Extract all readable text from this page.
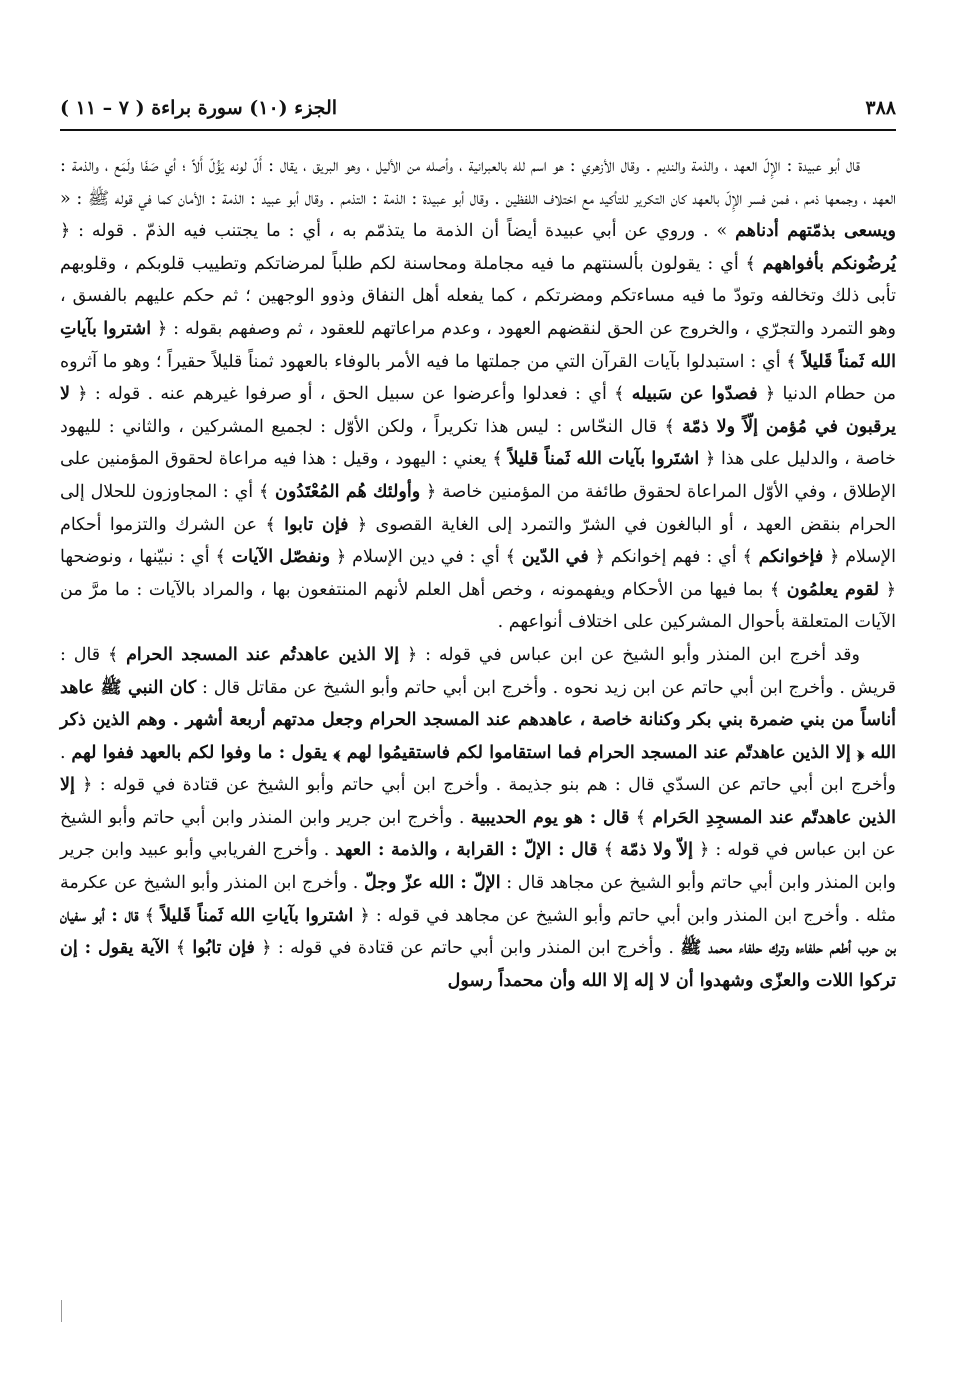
٣٨٨
الجزء (١٠) سورة براءة ( ٧ – ١١ )

قال أبو عبيدة : الإِلّ العهد ، والذمة والنديم . وقال الأزهري : هو اسم لله بالعبرانية ، وأصله من الأليل ، وهو البريق ، يقال : أَلّ لونه يَؤُلّ أَلاً ؛ أي صَفَا ولَمَع ، والذمة : العهد ، وجمعها ذمم ، فمن فسر الإِلّ بالعهد كان التكرير للتأكيد مع اختلاف اللفظين . وقال أبو عبيدة : الذمة : التذمم . وقال أبو عبيد : الذمة : الأمان كما في قوله ﷺ : « ويسعى بذمّتهم أدناهم » . وروي عن أبي عبيدة أيضاً أن الذمة ما يتذمّم به ، أي : ما يجتنب فيه الذمّ . قوله : ﴿ يُرضُونكم بأفواههم ﴾ أي : يقولون بألسنتهم ما فيه مجاملة ومحاسنة لكم طلباً لمرضاتكم وتطييب قلوبكم ، وقلوبهم تأبى ذلك وتخالفه وتودّ ما فيه مساءتكم ومضرتكم ، كما يفعله أهل النفاق وذوو الوجهين ؛ ثم حكم عليهم بالفسق ، وهو التمرد والتجرّي ، والخروج عن الحق لنقضهم العهود ، وعدم مراعاتهم للعقود ، ثم وصفهم بقوله : ﴿ اشتروا بآياتِ الله ثَمناً قَليلاً ﴾ أي : استبدلوا بآيات القرآن التي من جملتها ما فيه الأمر بالوفاء بالعهود ثمناً قليلاً حقيراً ؛ وهو ما آثروه من حطام الدنيا ﴿ فصدّوا عن سَبيله ﴾ أي : فعدلوا وأعرضوا عن سبيل الحق ، أو صرفوا غيرهم عنه . قوله : ﴿ لا يرقبون في مُؤمن إلّاً ولا ذمّة ﴾ قال النحّاس : ليس هذا تكريراً ، ولكن الأوّل : لجميع المشركين ، والثاني : لليهود خاصة ، والدليل على هذا ﴿ اشتَروا بآيات الله ثَمناً قليلاً ﴾ يعني : اليهود ، وقيل : هذا فيه مراعاة لحقوق المؤمنين على الإطلاق ، وفي الأوّل المراعاة لحقوق طائفة من المؤمنين خاصة ﴿ وأولئك هُم المُعْتَدُون ﴾ أي : المجاوزون للحلال إلى الحرام بنقض العهد ، أو البالغون في الشرّ والتمرد إلى الغاية القصوى ﴿ فإن تابوا ﴾ عن الشرك والتزموا أحكام الإسلام ﴿ فإخوانكم ﴾ أي : فهم إخوانكم ﴿ في الدّين ﴾ أي : في دين الإسلام ﴿ ونفصّل الآيات ﴾ أي : نبيّنها ، ونوضحها ﴿ لقوم يعلمُون ﴾ بما فيها من الأحكام ويفهمونه ، وخص أهل العلم لأنهم المنتفعون بها ، والمراد بالآيات : ما مرَّ من الآيات المتعلقة بأحوال المشركين على اختلاف أنواعهم .

وقد أخرج ابن المنذر وأبو الشيخ عن ابن عباس في قوله : ﴿ إلا الذين عاهدتُم عند المسجد الحرام ﴾ قال : قريش . وأخرج ابن أبي حاتم عن ابن زيد نحوه . وأخرج ابن أبي حاتم وأبو الشيخ عن مقاتل قال : كان النبي ﷺ عاهد أناساً من بني ضمرة بني بكر وكنانة خاصة ، عاهدهم عند المسجد الحرام وجعل مدتهم أربعة أشهر . وهم الذين ذكر الله ﴿ إلا الذين عاهدتّم عند المسجد الحرام فما استقاموا لكم فاستقيمُوا لهم ﴾ يقول : ما وفوا لكم بالعهد ففوا لهم . وأخرج ابن أبي حاتم عن السدّي قال : هم بنو جذيمة . وأخرج ابن أبي حاتم وأبو الشيخ عن قتادة في قوله : ﴿ إلا الذين عاهدتّم عند المسجِدِ الحَرام ﴾ قال : هو يوم الحديبية . وأخرج ابن جرير وابن المنذر وابن أبي حاتم وأبو الشيخ عن ابن عباس في قوله : ﴿ إلاّ ولا ذمّة ﴾ قال : الإلّ : القرابة ، والذمة : العهد . وأخرج الفريابي وأبو عبيد وابن جرير وابن المنذر وابن أبي حاتم وأبو الشيخ عن مجاهد قال : الإلّ : الله عزّ وجلّ . وأخرج ابن المنذر وأبو الشيخ عن عكرمة مثله . وأخرج ابن المنذر وابن أبي حاتم وأبو الشيخ عن مجاهد في قوله : ﴿ اشتروا بآياتِ الله ثَمناً قَليلاً ﴾ قال : أبو سفيان بن حرب أطعم حلفاءه وترك حلفاء محمد ﷺ . وأخرج ابن المنذر وابن أبي حاتم عن قتادة في قوله : ﴿ فإن تابُوا ﴾ الآية يقول : إن تركوا اللات والعزّى وشهدوا أن لا إله إلا الله وأن محمداً رسول
